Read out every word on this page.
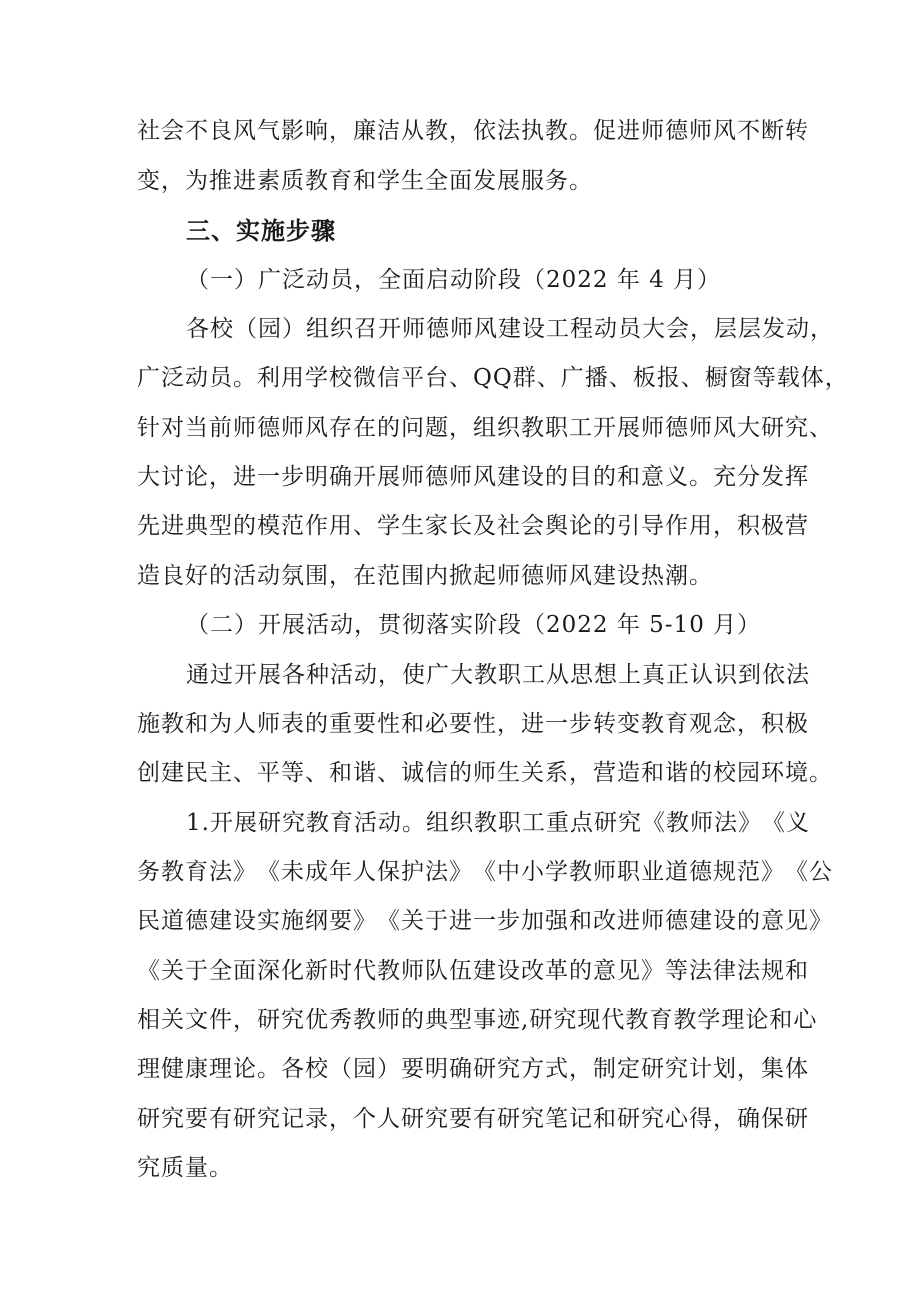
社 会 不 良 风 气 影 响 ， 廉 洁 从 教 ， 依 法 执 教 。 促 进 师 德 师 风 不 断 转
变，为推进素质教育和学生全面发展服务。
三、实施步骤
（一）广泛动员，全面启动阶段（2022 年 4 月）
各 校 （ 园 ） 组 织 召 开 师 德 师 风 建 设 工 程 动 员 大 会 ， 层 层 发 动 ，
广 泛 动 员 。 利 用 学 校 微 信 平 台 、 QQ 群 、 广 播 、 板 报 、 橱 窗 等 载 体 ，
针 对 当 前 师 德 师 风 存 在 的 问 题 ， 组 织 教 职 工 开 展 师 德 师 风 大 研 究 、
大 讨 论 ， 进 一 步 明 确 开 展 师 德 师 风 建 设 的 目 的 和 意 义 。 充 分 发 挥
先 进 典 型 的 模 范 作 用 、 学 生 家 长 及 社 会 舆 论 的 引 导 作 用 ， 积 极 营
造良好的活动氛围，在范围内掀起师德师风建设热潮。
（二）开展活动，贯彻落实阶段（2022 年 5-10 月）
通 过 开 展 各 种 活 动 ， 使 广 大 教 职 工 从 思 想 上 真 正 认 识 到 依 法
施 教 和 为 人 师 表 的 重 要 性 和 必 要 性 ， 进 一 步 转 变 教 育 观 念 ， 积 极
创 建 民 主 、 平 等 、 和 谐 、 诚 信 的 师 生 关 系 ， 营 造 和 谐 的 校 园 环 境 。
1. 开 展 研 究 教 育 活 动 。 组 织 教 职 工 重 点 研 究 《 教 师 法 》 《 义
务 教 育 法 》 《 未 成 年 人 保 护 法 》 《 中 小 学 教 师 职 业 道 德 规 范 》 《 公
民 道 德 建 设 实 施 纲 要 》 《 关 于 进 一 步 加 强 和 改 进 师 德 建 设 的 意 见 》
《 关 于 全 面 深 化 新 时 代 教 师 队 伍 建 设 改 革 的 意 见 》 等 法 律 法 规 和
相 关 文 件 ， 研 究 优 秀 教 师 的 典 型 事 迹 , 研 究 现 代 教 育 教 学 理 论 和 心
理 健 康 理 论 。 各 校 （ 园 ） 要 明 确 研 究 方 式 ， 制 定 研 究 计 划 ， 集 体
研 究 要 有 研 究 记 录 ， 个 人 研 究 要 有 研 究 笔 记 和 研 究 心 得 ， 确 保 研
究质量。
